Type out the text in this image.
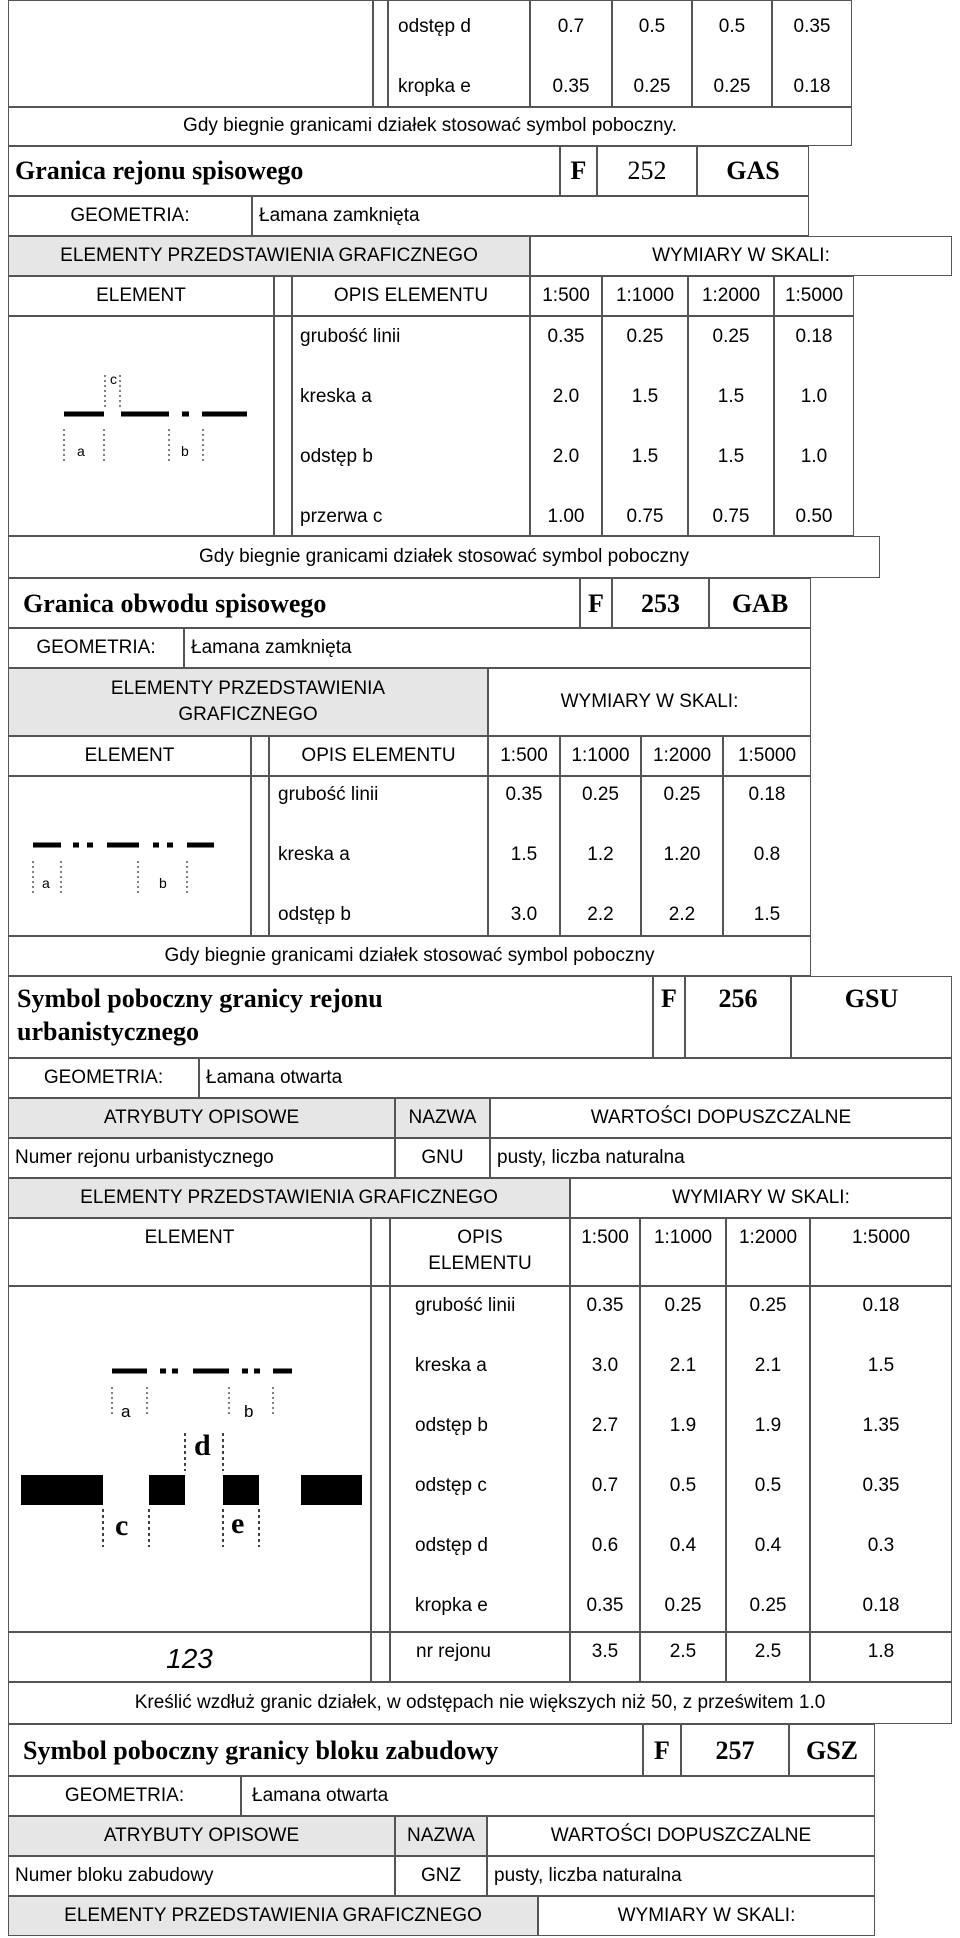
odstęp d	0.7	0.5	0.5	0.35
kropka e	0.35	0.25	0.25	0.18
Gdy biegnie granicami działek stosować symbol poboczny.
Granica rejonu spisowego	F	252	GAS
GEOMETRIA:	Łamana zamknięta
ELEMENTY PRZEDSTAWIENIA GRAFICZNEGO	WYMIARY W SKALI:
ELEMENT	OPIS ELEMENTU	1:500	1:1000	1:2000	1:5000
c
a	b
grubość linii	0.35	0.25	0.25	0.18
kreska a	2.0	1.5	1.5	1.0
odstęp b	2.0	1.5	1.5	1.0
przerwa c	1.00	0.75	0.75	0.50
Gdy biegnie granicami działek stosować symbol poboczny
Granica obwodu spisowego	F	253	GAB
GEOMETRIA:	Łamana zamknięta
ELEMENTY PRZEDSTAWIENIA
GRAFICZNEGO
WYMIARY W SKALI:
ELEMENT	OPIS ELEMENTU	1:500	1:1000	1:2000	1:5000
a	b
grubość linii	0.35	0.25	0.25	0.18
kreska a	1.5	1.2	1.20	0.8
odstęp b	3.0	2.2	2.2	1.5
Gdy biegnie granicami działek stosować symbol poboczny
Symbol poboczny granicy rejonu
urbanistycznego
F	256	GSU
GEOMETRIA:	Łamana otwarta
ATRYBUTY OPISOWE	NAZWA	WARTOŚCI DOPUSZCZALNE
Numer rejonu urbanistycznego	GNU	pusty, liczba naturalna
ELEMENTY PRZEDSTAWIENIA GRAFICZNEGO	WYMIARY W SKALI:
ELEMENT	OPIS
ELEMENTU
1:500	1:1000	1:2000	1:5000
a	b
d
c	e
grubość linii	0.35	0.25	0.25	0.18
kreska a	3.0	2.1	2.1	1.5
odstęp b	2.7	1.9	1.9	1.35
odstęp c	0.7	0.5	0.5	0.35
odstęp d	0.6	0.4	0.4	0.3
kropka e	0.35	0.25	0.25	0.18
123	nr rejonu	3.5	2.5	2.5	1.8
Kreślić wzdłuż granic działek, w odstępach nie większych niż 50, z prześwitem 1.0
Symbol poboczny granicy bloku zabudowy	F	257	GSZ
GEOMETRIA:	Łamana otwarta
ATRYBUTY OPISOWE	NAZWA	WARTOŚCI DOPUSZCZALNE
Numer bloku zabudowy	GNZ	pusty, liczba naturalna
ELEMENTY PRZEDSTAWIENIA GRAFICZNEGO	WYMIARY W SKALI:
